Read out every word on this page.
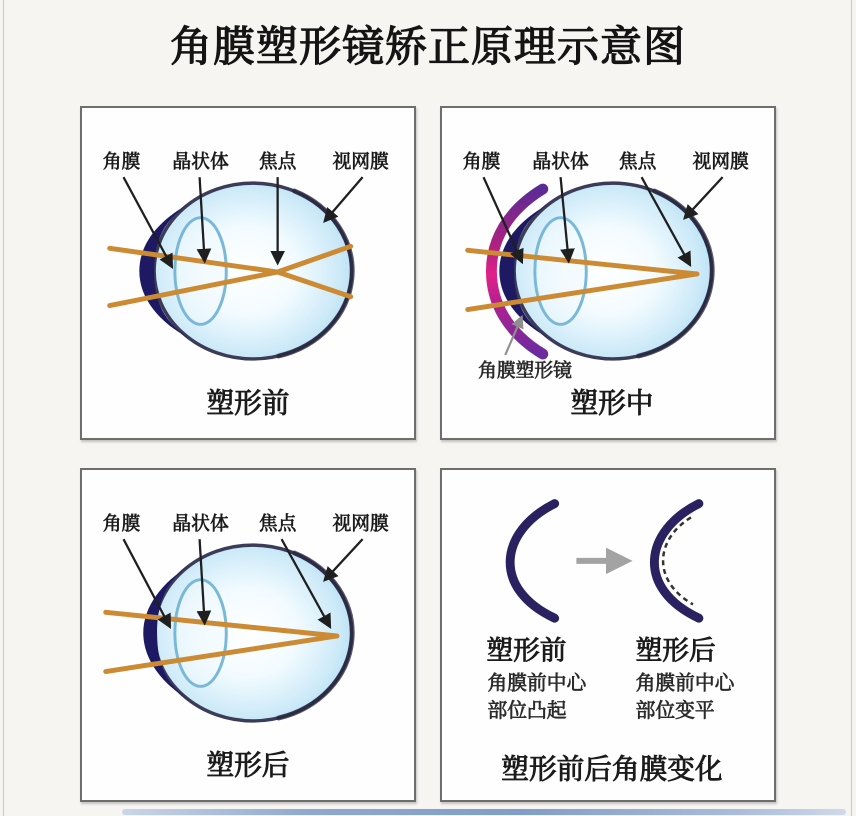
角膜塑形镜矫正原理示意图
角膜 晶状体 焦点 视网膜
塑形前
角膜 晶状体 焦点 视网膜
角膜塑形镜
塑形中
角膜 晶状体 焦点 视网膜
塑形后
塑形前
角膜前中心
部位凸起
塑形后
角膜前中心
部位变平
塑形前后角膜变化
